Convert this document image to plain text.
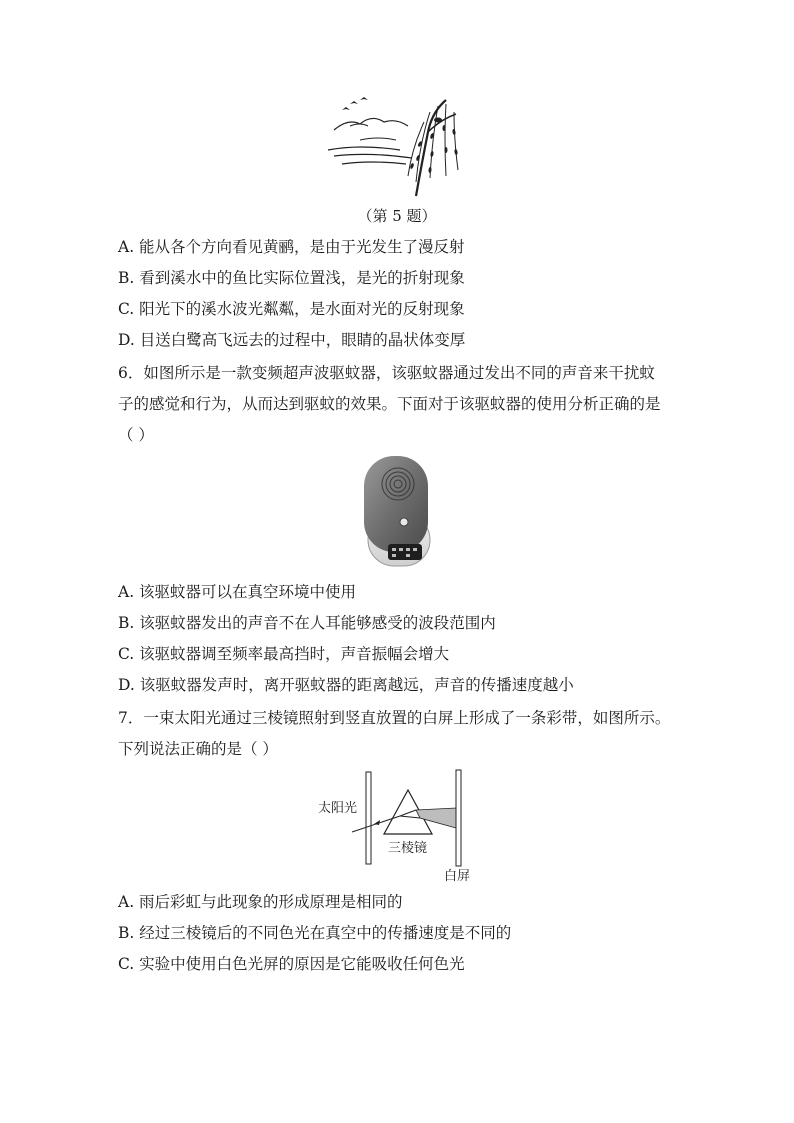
（第 5 题）
A. 能从各个方向看见黄鹂，是由于光发生了漫反射
B. 看到溪水中的鱼比实际位置浅，是光的折射现象
C. 阳光下的溪水波光粼粼，是水面对光的反射现象
D. 目送白鹭高飞远去的过程中，眼睛的晶状体变厚
6．如图所示是一款变频超声波驱蚊器，该驱蚊器通过发出不同的声音来干扰蚊
子的感觉和行为，从而达到驱蚊的效果。下面对于该驱蚊器的使用分析正确的是
（ ）
A. 该驱蚊器可以在真空环境中使用
B. 该驱蚊器发出的声音不在人耳能够感受的波段范围内
C. 该驱蚊器调至频率最高挡时，声音振幅会增大
D. 该驱蚊器发声时，离开驱蚊器的距离越远，声音的传播速度越小
7．一束太阳光通过三棱镜照射到竖直放置的白屏上形成了一条彩带，如图所示。
下列说法正确的是（ ）
太阳光
三棱镜
白屏
A. 雨后彩虹与此现象的形成原理是相同的
B. 经过三棱镜后的不同色光在真空中的传播速度是不同的
C. 实验中使用白色光屏的原因是它能吸收任何色光
